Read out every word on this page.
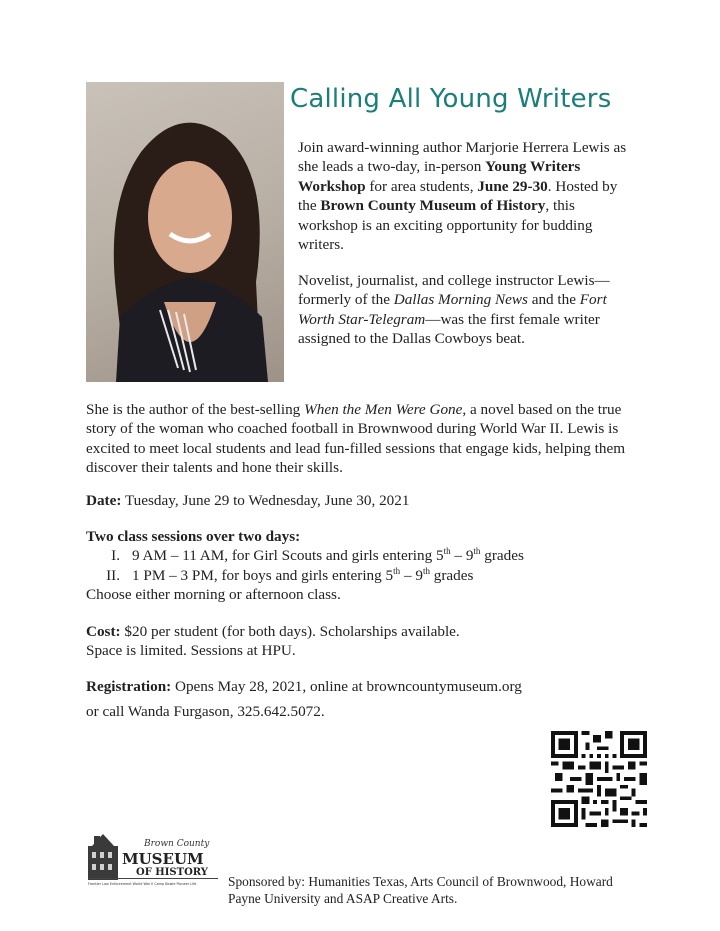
Calling All Young Writers
Join award-winning author Marjorie Herrera Lewis as she leads a two-day, in-person Young Writers Workshop for area students, June 29-30. Hosted by the Brown County Museum of History, this workshop is an exciting opportunity for budding writers.
Novelist, journalist, and college instructor Lewis—formerly of the Dallas Morning News and the Fort Worth Star-Telegram—was the first female writer assigned to the Dallas Cowboys beat.
She is the author of the best-selling When the Men Were Gone, a novel based on the true story of the woman who coached football in Brownwood during World War II. Lewis is excited to meet local students and lead fun-filled sessions that engage kids, helping them discover their talents and hone their skills.
Date: Tuesday, June 29 to Wednesday, June 30, 2021
Two class sessions over two days:
I. 9 AM – 11 AM, for Girl Scouts and girls entering 5th – 9th grades
II. 1 PM – 3 PM, for boys and girls entering 5th – 9th grades
Choose either morning or afternoon class.
Cost: $20 per student (for both days). Scholarships available.
Space is limited. Sessions at HPU.
Registration: Opens May 28, 2021, online at browncountymuseum.org
or call Wanda Furgason, 325.642.5072.
Brown County
MUSEUM
OF HISTORY
Frontier Law Enforcement World War II Camp Bowie Pioneer Life Sponsored by: Humanities Texas, Arts Council of Brownwood, Howard Payne University and ASAP Creative Arts.
